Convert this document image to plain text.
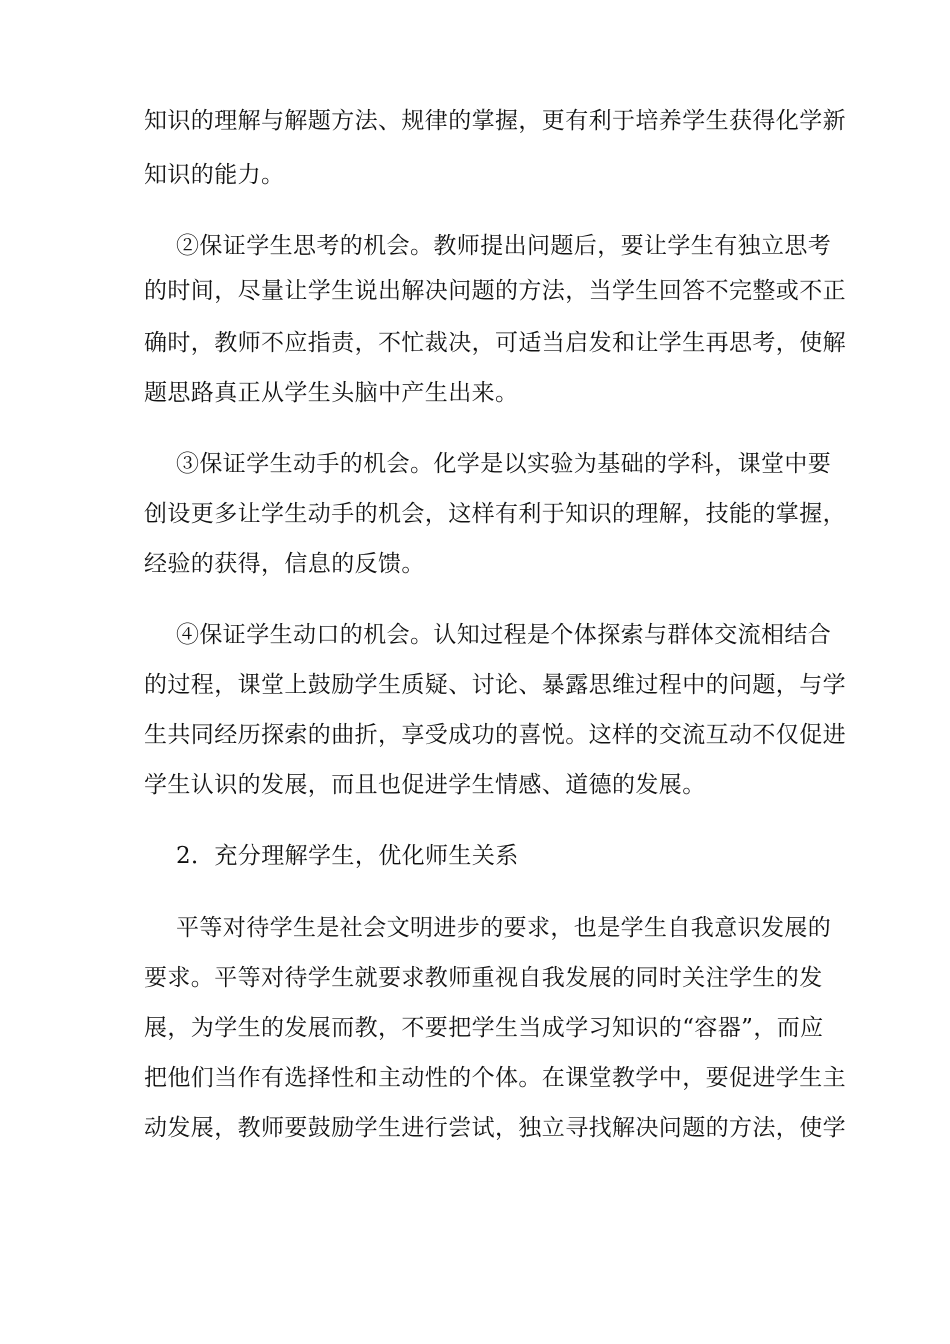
知识的理解与解题方法、规律的掌握，更有利于培养学生获得化学新
知识的能力。
②保证学生思考的机会。教师提出问题后，要让学生有独立思考
的时间，尽量让学生说出解决问题的方法，当学生回答不完整或不正
确时，教师不应指责，不忙裁决，可适当启发和让学生再思考，使解
题思路真正从学生头脑中产生出来。
③保证学生动手的机会。化学是以实验为基础的学科，课堂中要
创设更多让学生动手的机会，这样有利于知识的理解，技能的掌握，
经验的获得，信息的反馈。
④保证学生动口的机会。认知过程是个体探索与群体交流相结合
的过程，课堂上鼓励学生质疑、讨论、暴露思维过程中的问题，与学
生共同经历探索的曲折，享受成功的喜悦。这样的交流互动不仅促进
学生认识的发展，而且也促进学生情感、道德的发展。
2．充分理解学生，优化师生关系
平等对待学生是社会文明进步的要求，也是学生自我意识发展的
要求。平等对待学生就要求教师重视自我发展的同时关注学生的发
展，为学生的发展而教，不要把学生当成学习知识的“容器”，而应
把他们当作有选择性和主动性的个体。在课堂教学中，要促进学生主
动发展，教师要鼓励学生进行尝试，独立寻找解决问题的方法，使学
